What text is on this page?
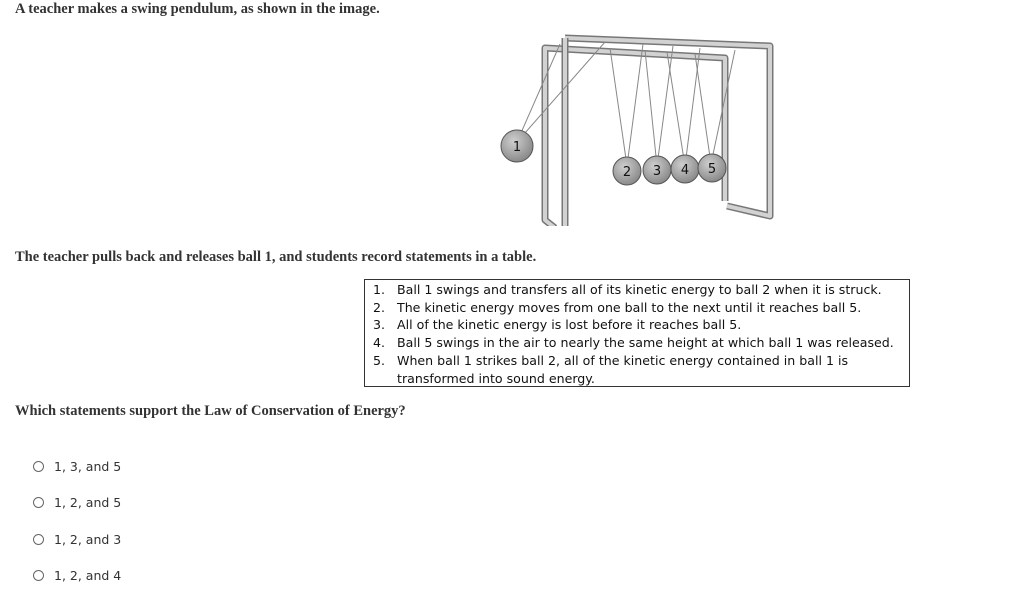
A teacher makes a swing pendulum, as shown in the image.

1
2 3 4 5

The teacher pulls back and releases ball 1, and students record statements in a table.

1. Ball 1 swings and transfers all of its kinetic energy to ball 2 when it is struck.
2. The kinetic energy moves from one ball to the next until it reaches ball 5.
3. All of the kinetic energy is lost before it reaches ball 5.
4. Ball 5 swings in the air to nearly the same height at which ball 1 was released.
5. When ball 1 strikes ball 2, all of the kinetic energy contained in ball 1 is transformed into sound energy.

Which statements support the Law of Conservation of Energy?

1, 3, and 5
1, 2, and 5
1, 2, and 3
1, 2, and 4
